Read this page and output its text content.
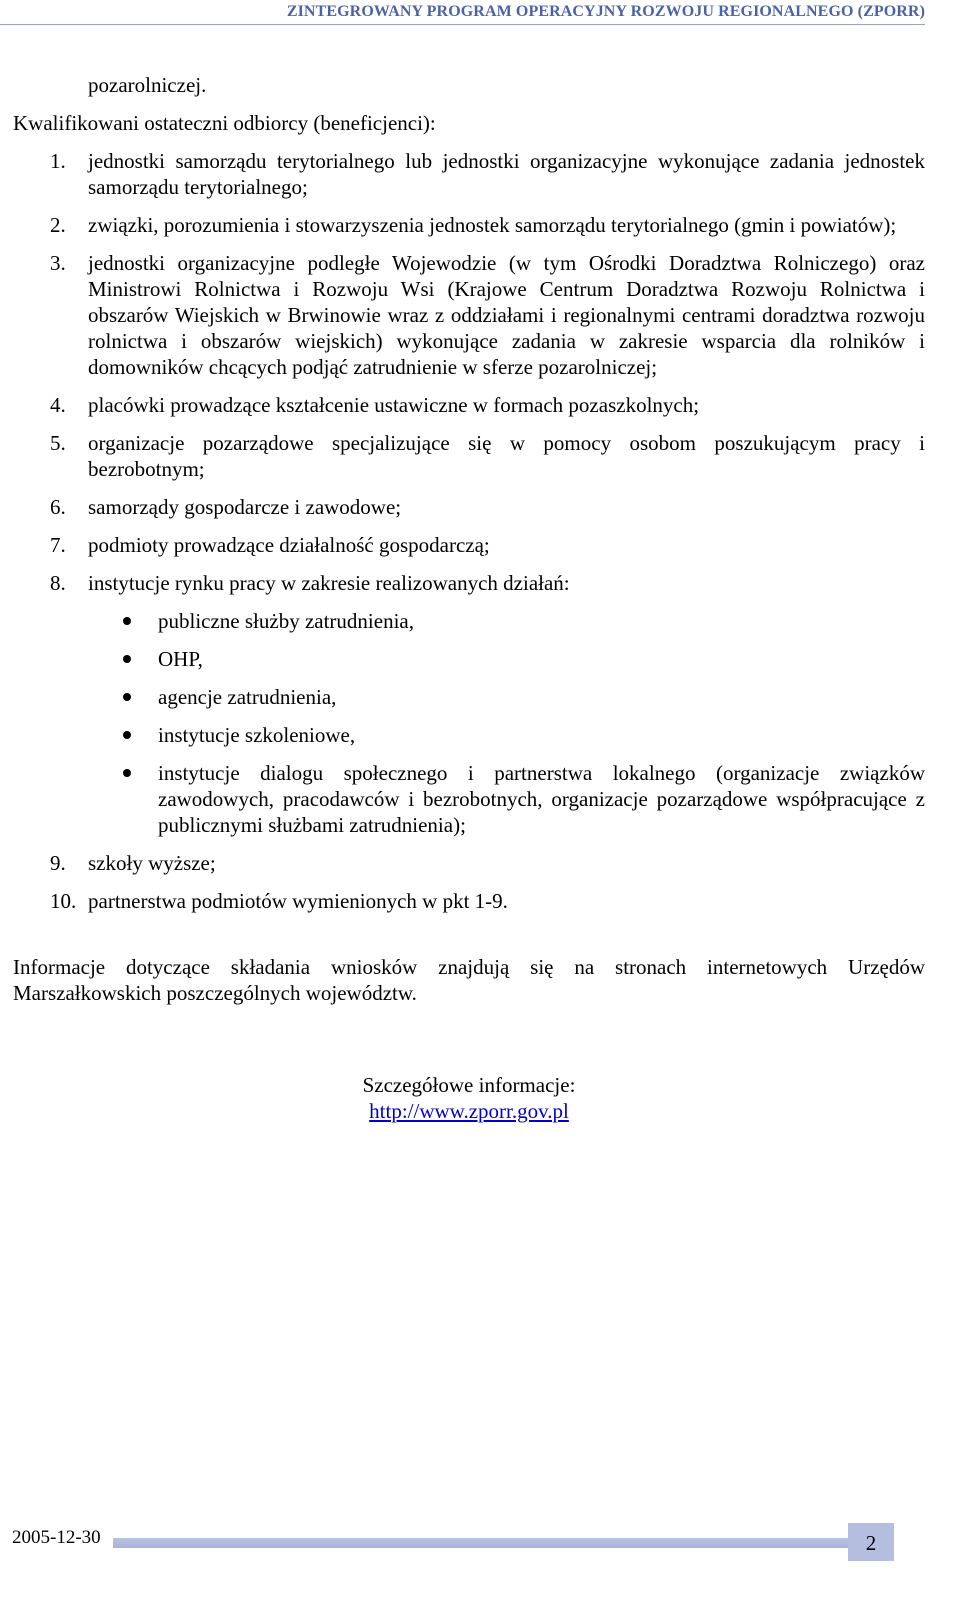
ZINTEGROWANY PROGRAM OPERACYJNY ROZWOJU REGIONALNEGO (ZPORR)

pozarolniczej.

Kwalifikowani ostateczni odbiorcy (beneficjenci):

1. jednostki samorządu terytorialnego lub jednostki organizacyjne wykonujące zadania jednostek samorządu terytorialnego;
2. związki, porozumienia i stowarzyszenia jednostek samorządu terytorialnego (gmin i powiatów);
3. jednostki organizacyjne podległe Wojewodzie (w tym Ośrodki Doradztwa Rolniczego) oraz Ministrowi Rolnictwa i Rozwoju Wsi (Krajowe Centrum Doradztwa Rozwoju Rolnictwa i obszarów Wiejskich w Brwinowie wraz z oddziałami i regionalnymi centrami doradztwa rozwoju rolnictwa i obszarów wiejskich) wykonujące zadania w zakresie wsparcia dla rolników i domowników chcących podjąć zatrudnienie w sferze pozarolniczej;
4. placówki prowadzące kształcenie ustawiczne w formach pozaszkolnych;
5. organizacje pozarządowe specjalizujące się w pomocy osobom poszukującym pracy i bezrobotnym;
6. samorządy gospodarcze i zawodowe;
7. podmioty prowadzące działalność gospodarczą;
8. instytucje rynku pracy w zakresie realizowanych działań:
publiczne służby zatrudnienia,
OHP,
agencje zatrudnienia,
instytucje szkoleniowe,
instytucje dialogu społecznego i partnerstwa lokalnego (organizacje związków zawodowych, pracodawców i bezrobotnych, organizacje pozarządowe współpracujące z publicznymi służbami zatrudnienia);
9. szkoły wyższe;
10. partnerstwa podmiotów wymienionych w pkt 1-9.

Informacje dotyczące składania wniosków znajdują się na stronach internetowych Urzędów Marszałkowskich poszczególnych województw.

Szczegółowe informacje:
http://www.zporr.gov.pl
2005-12-30	2
